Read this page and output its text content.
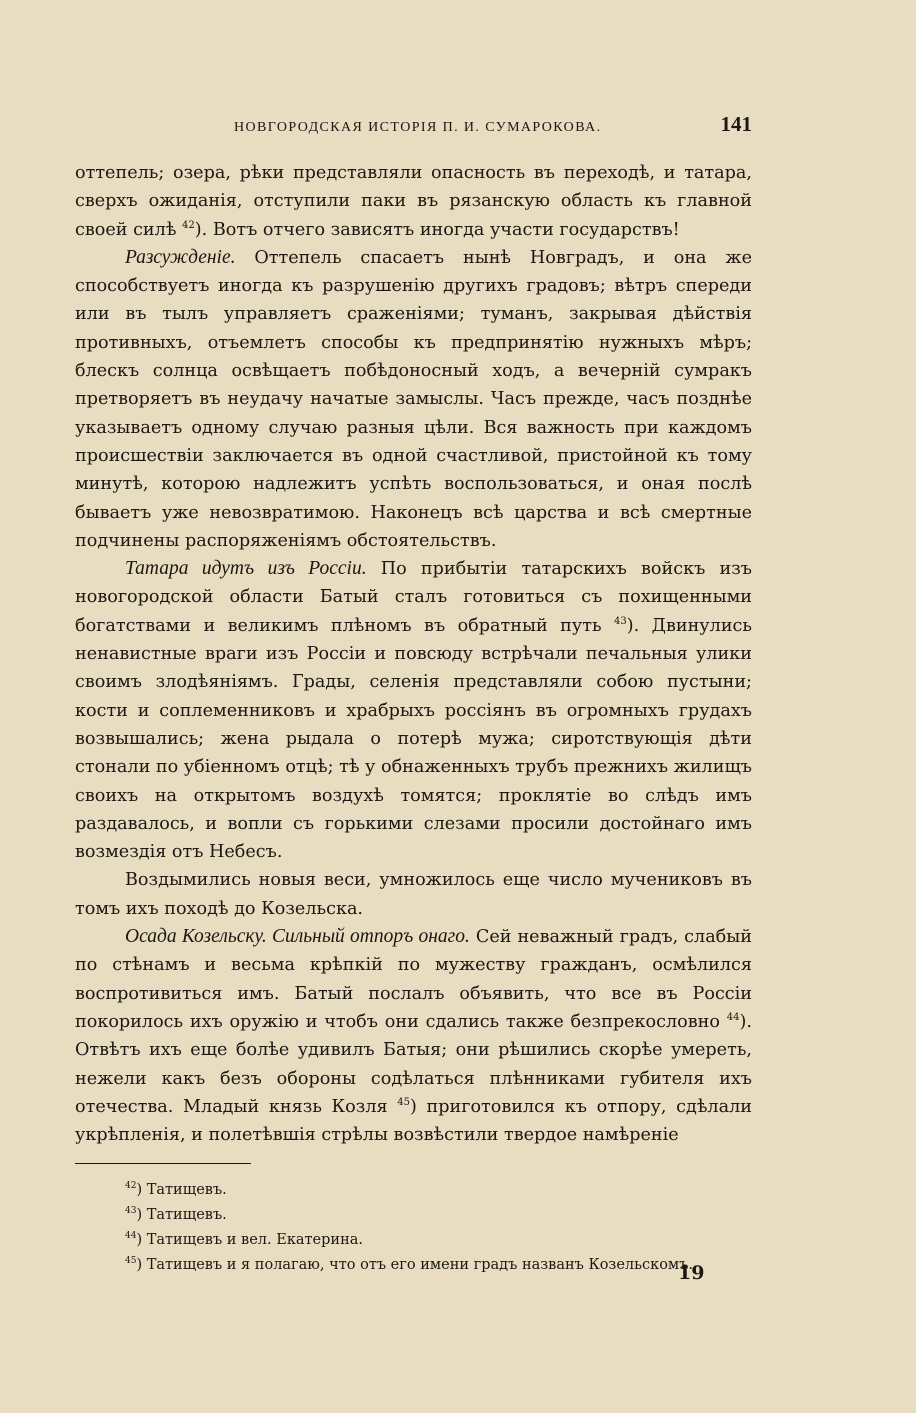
НОВГОРОДСКАЯ ИСТОРІЯ П. И. СУМАРОКОВА.	141

оттепель; озера, рѣки представляли опасность въ переходѣ, и татара, сверхъ ожиданія, отступили паки въ рязанскую область къ главной своей силѣ $^{42}$). Вотъ отчего зависятъ иногда участи государствъ!

Разсужденіе. Оттепель спасаетъ нынѣ Новградъ, и она же способствуетъ иногда къ разрушенію другихъ градовъ; вѣтръ спереди или въ тылъ управляетъ сраженіями; туманъ, закрывая дѣйствія противныхъ, отъемлетъ способы къ предпринятію нужныхъ мѣръ; блескъ солнца освѣщаетъ побѣдоносный ходъ, а вечерній сумракъ претворяетъ въ неудачу начатые замыслы. Часъ прежде, часъ позднѣе указываетъ одному случаю разныя цѣли. Вся важность при каждомъ происшествіи заключается въ одной счастливой, пристойной къ тому минутѣ, которою надлежитъ успѣть воспользоваться, и оная послѣ бываетъ уже невозвратимою. Наконецъ всѣ царства и всѣ смертные подчинены распоряженіямъ обстоятельствъ.

Татара идутъ изъ Россіи. По прибытіи татарскихъ войскъ изъ новогородской области Батый сталъ готовиться съ похищенными богатствами и великимъ плѣномъ въ обратный путь $^{43}$). Двинулись ненавистные враги изъ Россіи и повсюду встрѣчали печальныя улики своимъ злодѣяніямъ. Грады, селенія представляли собою пустыни; кости и соплеменниковъ и храбрыхъ россіянъ въ огромныхъ грудахъ возвышались; жена рыдала о потерѣ мужа; сиротствующія дѣти стонали по убіенномъ отцѣ; тѣ у обнаженныхъ трубъ прежнихъ жилищъ своихъ на открытомъ воздухѣ томятся; проклятіе во слѣдъ имъ раздавалось, и вопли съ горькими слезами просили достойнаго имъ возмездія отъ Небесъ.

Воздымились новыя веси, умножилось еще число мучениковъ въ томъ ихъ походѣ до Козельска.

Осада Козельску. Сильный отпоръ онаго. Сей неважный градъ, слабый по стѣнамъ и весьма крѣпкій по мужеству гражданъ, осмѣлился воспротивиться имъ. Батый послалъ объявить, что все въ Россіи покорилось ихъ оружію и чтобъ они сдались также безпрекословно $^{44}$). Отвѣтъ ихъ еще болѣе удивилъ Батыя; они рѣшились скорѣе умереть, нежели какъ безъ обороны содѣлаться плѣнниками губителя ихъ отечества. Младый князь Козля $^{45}$) приготовился къ отпору, сдѣлали укрѣпленія, и полетѣвшія стрѣлы возвѣстили твердое намѣреніе

$^{42}$) Татищевъ.
$^{43}$) Татищевъ.
$^{44}$) Татищевъ и вел. Екатерина.
$^{45}$) Татищевъ и я полагаю, что отъ его имени градъ названъ Козельскомъ.
19
